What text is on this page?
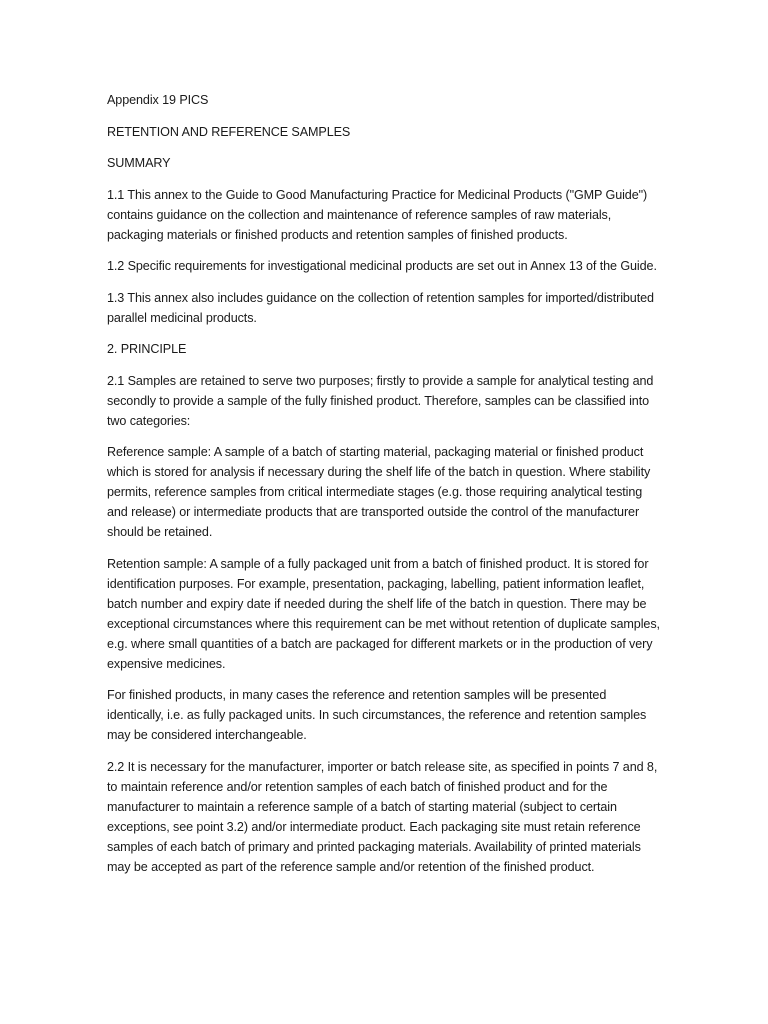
Appendix 19 PICS

RETENTION AND REFERENCE SAMPLES

SUMMARY

1.1 This annex to the Guide to Good Manufacturing Practice for Medicinal Products ("GMP Guide") contains guidance on the collection and maintenance of reference samples of raw materials, packaging materials or finished products and retention samples of finished products.

1.2 Specific requirements for investigational medicinal products are set out in Annex 13 of the Guide.

1.3 This annex also includes guidance on the collection of retention samples for imported/distributed parallel medicinal products.

2. PRINCIPLE

2.1 Samples are retained to serve two purposes; firstly to provide a sample for analytical testing and secondly to provide a sample of the fully finished product. Therefore, samples can be classified into two categories:

Reference sample: A sample of a batch of starting material, packaging material or finished product which is stored for analysis if necessary during the shelf life of the batch in question. Where stability permits, reference samples from critical intermediate stages (e.g. those requiring analytical testing and release) or intermediate products that are transported outside the control of the manufacturer should be retained.

Retention sample: A sample of a fully packaged unit from a batch of finished product. It is stored for identification purposes. For example, presentation, packaging, labelling, patient information leaflet, batch number and expiry date if needed during the shelf life of the batch in question. There may be exceptional circumstances where this requirement can be met without retention of duplicate samples, e.g. where small quantities of a batch are packaged for different markets or in the production of very expensive medicines.

For finished products, in many cases the reference and retention samples will be presented identically, i.e. as fully packaged units. In such circumstances, the reference and retention samples may be considered interchangeable.

2.2 It is necessary for the manufacturer, importer or batch release site, as specified in points 7 and 8, to maintain reference and/or retention samples of each batch of finished product and for the manufacturer to maintain a reference sample of a batch of starting material (subject to certain exceptions, see point 3.2) and/or intermediate product. Each packaging site must retain reference samples of each batch of primary and printed packaging materials. Availability of printed materials may be accepted as part of the reference sample and/or retention of the finished product.
